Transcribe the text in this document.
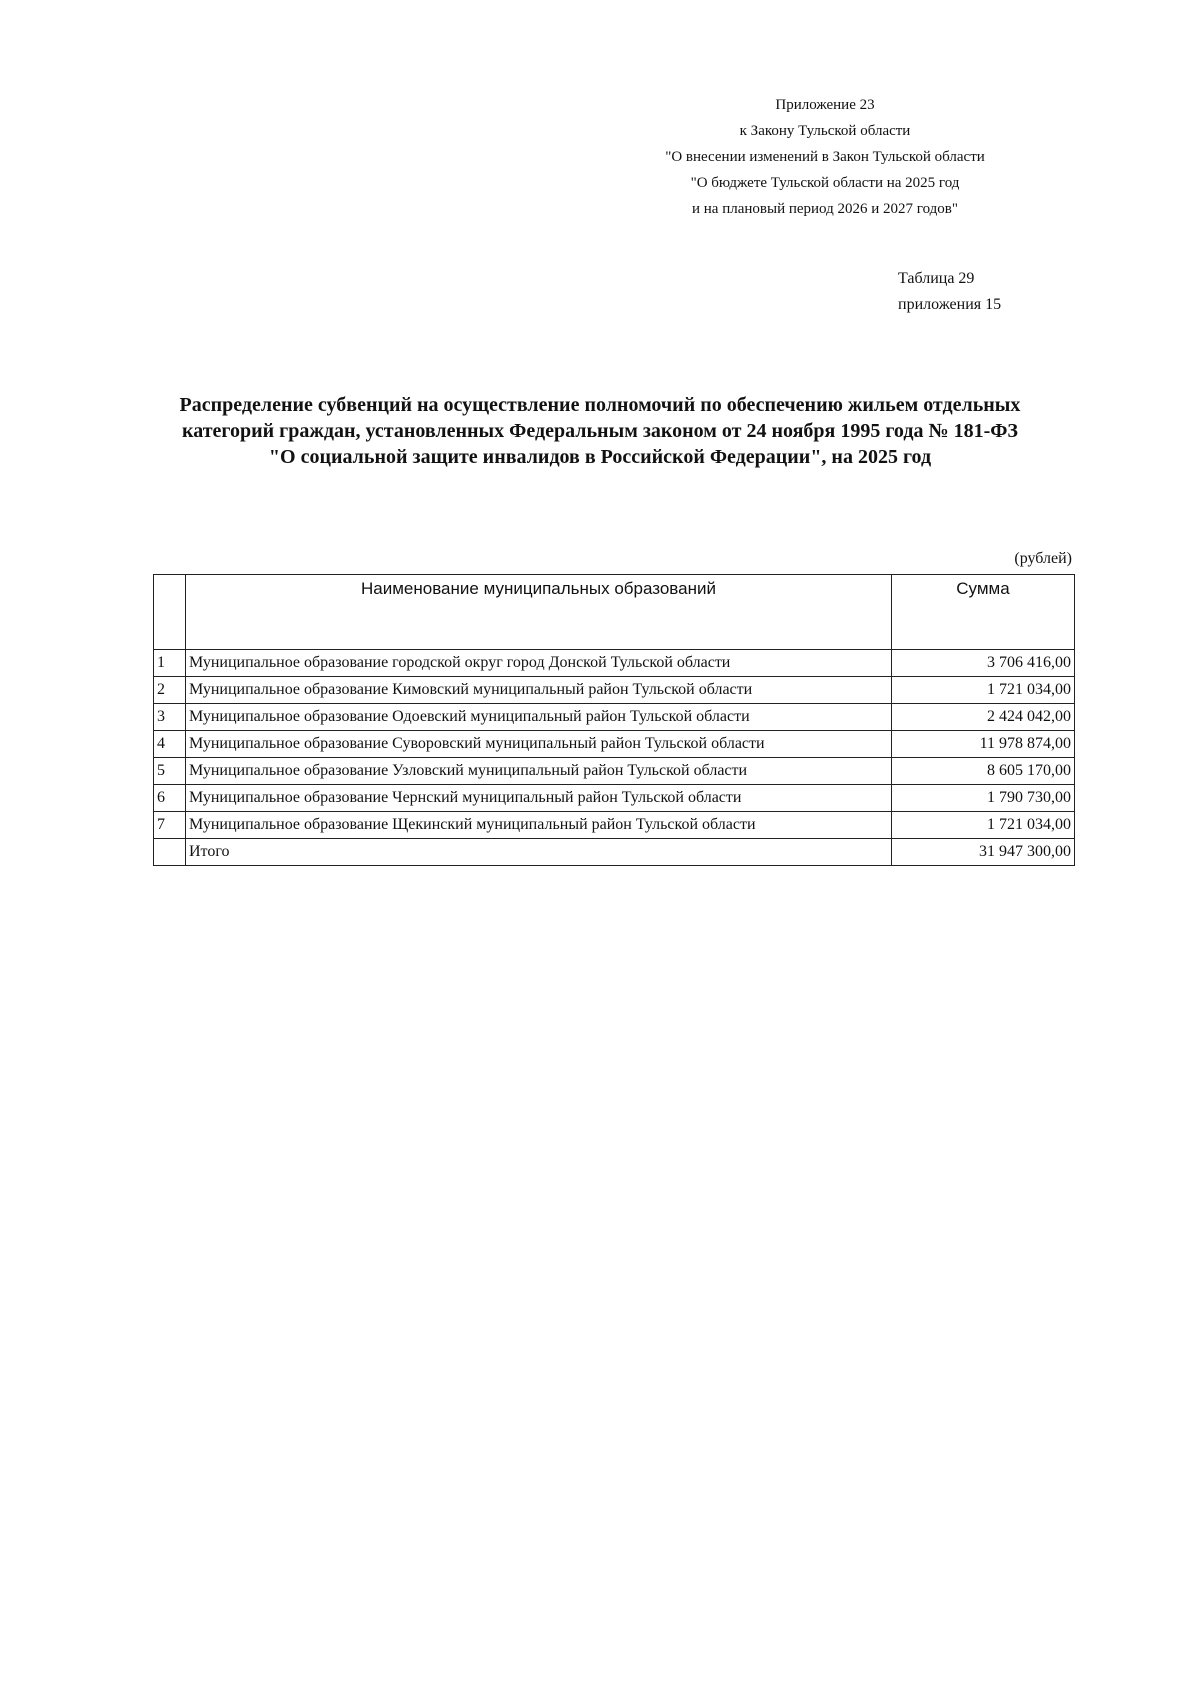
Приложение 23
к Закону Тульской области
"О внесении изменений в Закон Тульской области
"О бюджете Тульской области на 2025 год
и на плановый период 2026 и 2027 годов"
Таблица 29
приложения 15
Распределение субвенций на осуществление полномочий по обеспечению жильем отдельных
категорий граждан, установленных Федеральным законом от 24 ноября 1995 года № 181-ФЗ
"О социальной защите инвалидов в Российской Федерации", на 2025 год
(рублей)
	Наименование муниципальных образований	Сумма
1	Муниципальное образование городской округ город Донской Тульской области	3 706 416,00
2	Муниципальное образование Кимовский муниципальный район Тульской области	1 721 034,00
3	Муниципальное образование Одоевский муниципальный район Тульской области	2 424 042,00
4	Муниципальное образование Суворовский муниципальный район Тульской области	11 978 874,00
5	Муниципальное образование Узловский муниципальный район Тульской области	8 605 170,00
6	Муниципальное образование Чернский муниципальный район Тульской области	1 790 730,00
7	Муниципальное образование Щекинский муниципальный район Тульской области	1 721 034,00
	Итого	31 947 300,00
